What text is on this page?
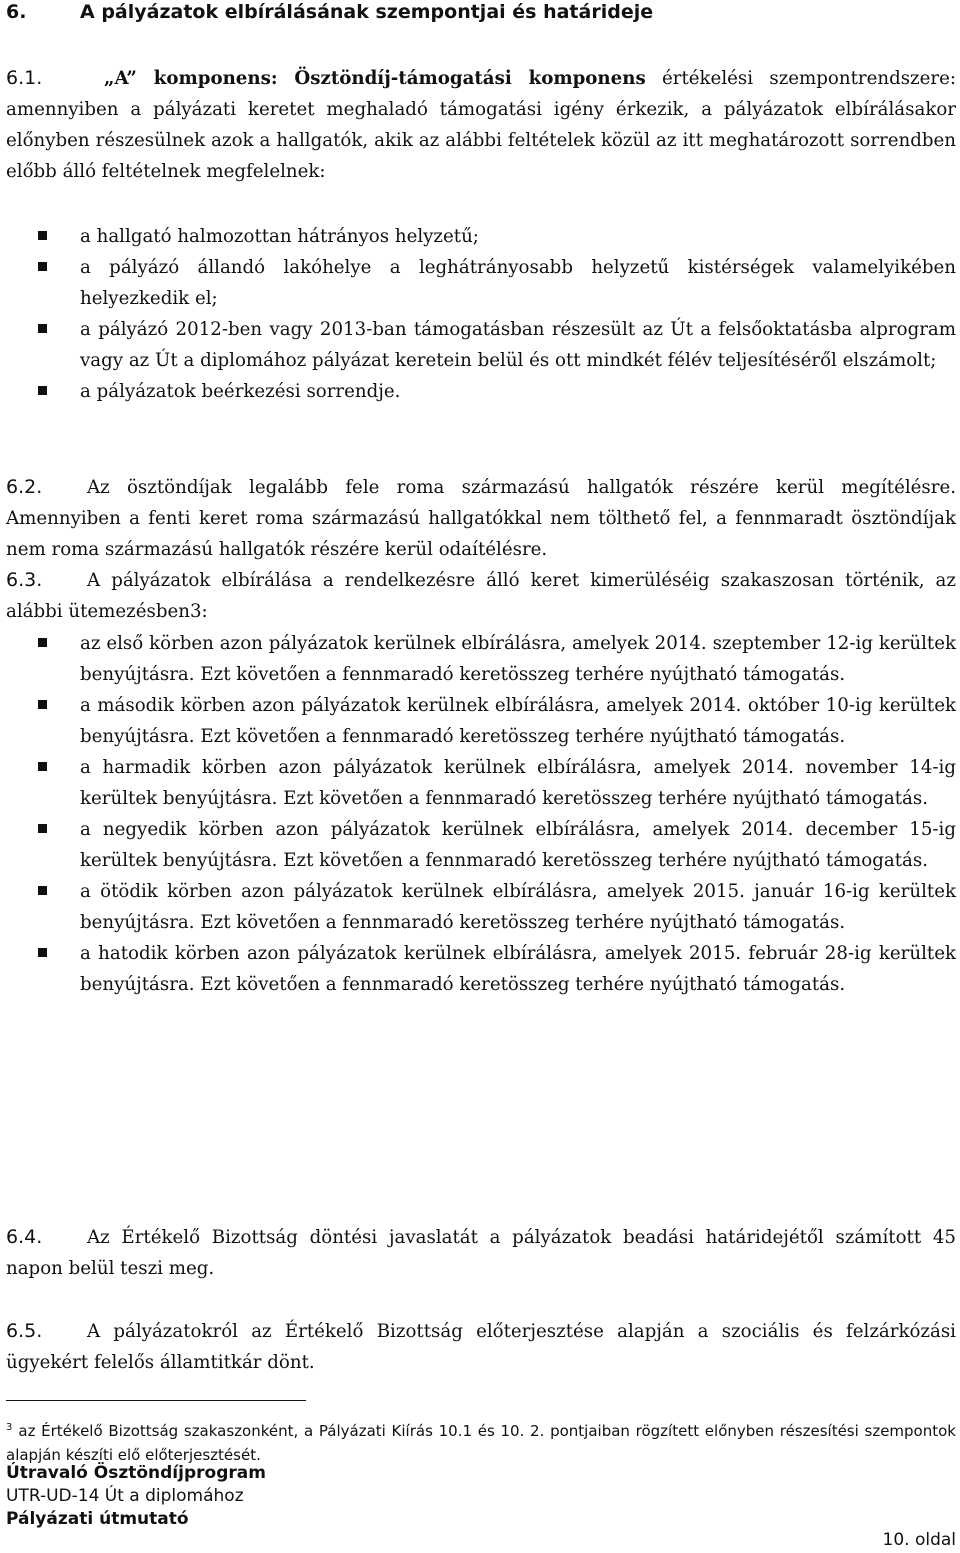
6.	A pályázatok elbírálásának szempontjai és határideje
6.1.	„A” komponens: Ösztöndíj-támogatási komponens értékelési szempontrendszere: amennyiben a pályázati keretet meghaladó támogatási igény érkezik, a pályázatok elbírálásakor előnyben részesülnek azok a hallgatók, akik az alábbi feltételek közül az itt meghatározott sorrendben előbb álló feltételnek megfelelnek:
a hallgató halmozottan hátrányos helyzetű;
a pályázó állandó lakóhelye a leghátrányosabb helyzetű kistérségek valamelyikében helyezkedik el;
a pályázó 2012-ben vagy 2013-ban támogatásban részesült az Út a felsőoktatásba alprogram vagy az Út a diplomához pályázat keretein belül és ott mindkét félév teljesítéséről elszámolt;
a pályázatok beérkezési sorrendje.
6.2. Az ösztöndíjak legalább fele roma származású hallgatók részére kerül megítélésre. Amennyiben a fenti keret roma származású hallgatókkal nem tölthető fel, a fennmaradt ösztöndíjak nem roma származású hallgatók részére kerül odaítélésre.
6.3. A pályázatok elbírálása a rendelkezésre álló keret kimerüléséig szakaszosan történik, az alábbi ütemezésben3:
az első körben azon pályázatok kerülnek elbírálásra, amelyek 2014. szeptember 12-ig kerültek benyújtásra. Ezt követően a fennmaradó keretösszeg terhére nyújtható támogatás.
a második körben azon pályázatok kerülnek elbírálásra, amelyek 2014. október 10-ig kerültek benyújtásra. Ezt követően a fennmaradó keretösszeg terhére nyújtható támogatás.
a harmadik körben azon pályázatok kerülnek elbírálásra, amelyek 2014. november 14-ig kerültek benyújtásra. Ezt követően a fennmaradó keretösszeg terhére nyújtható támogatás.
a negyedik körben azon pályázatok kerülnek elbírálásra, amelyek 2014. december 15-ig kerültek benyújtásra. Ezt követően a fennmaradó keretösszeg terhére nyújtható támogatás.
a ötödik körben azon pályázatok kerülnek elbírálásra, amelyek 2015. január 16-ig kerültek benyújtásra. Ezt követően a fennmaradó keretösszeg terhére nyújtható támogatás.
a hatodik körben azon pályázatok kerülnek elbírálásra, amelyek 2015. február 28-ig kerültek benyújtásra. Ezt követően a fennmaradó keretösszeg terhére nyújtható támogatás.
6.4. Az Értékelő Bizottság döntési javaslatát a pályázatok beadási határidejétől számított 45 napon belül teszi meg.
6.5. A pályázatokról az Értékelő Bizottság előterjesztése alapján a szociális és felzárkózási ügyekért felelős államtitkár dönt.
$^3$ az Értékelő Bizottság szakaszonként, a Pályázati Kiírás 10.1 és 10. 2. pontjaiban rögzített előnyben részesítési szempontok alapján készíti elő előterjesztését.
Útravaló Ösztöndíjprogram
UTR-UD-14 Út a diplomához
Pályázati útmutató
10. oldal
